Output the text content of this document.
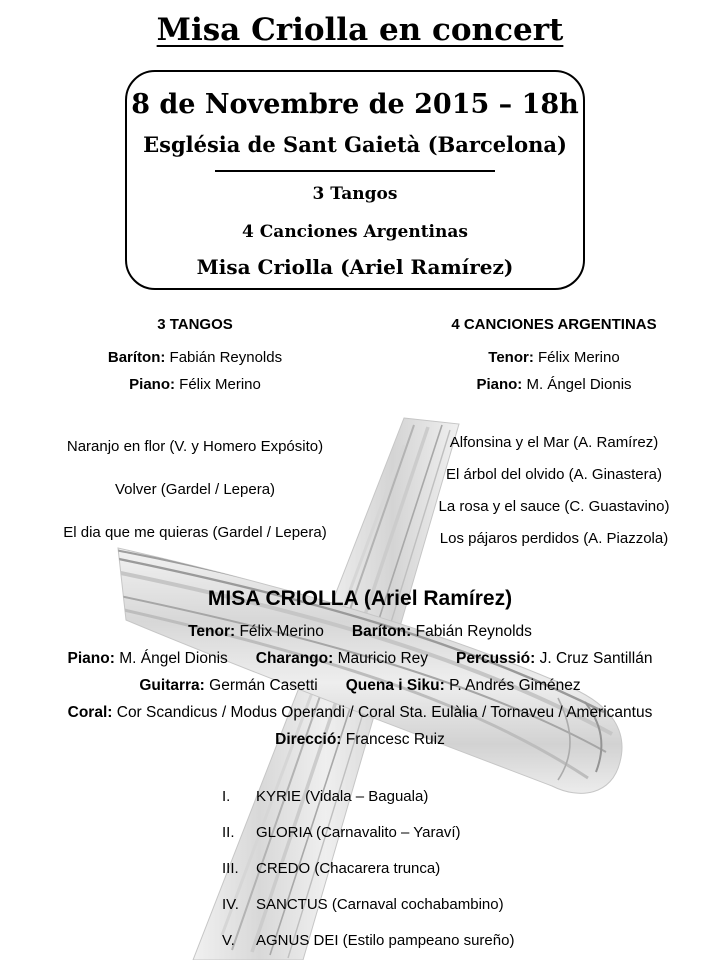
Misa Criolla en concert
8 de Novembre de 2015 – 18h
Església de Sant Gaietà (Barcelona)
3 Tangos
4 Canciones Argentinas
Misa Criolla (Ariel Ramírez)
3 TANGOS
Baríton: Fabián Reynolds
Piano: Félix Merino
Naranjo en flor (V. y Homero Expósito)
Volver (Gardel / Lepera)
El dia que me quieras (Gardel / Lepera)
4 CANCIONES ARGENTINAS
Tenor: Félix Merino
Piano: M. Ángel Dionis
Alfonsina y el Mar (A. Ramírez)
El árbol del olvido (A. Ginastera)
La rosa y el sauce (C. Guastavino)
Los pájaros perdidos (A. Piazzola)
MISA CRIOLLA (Ariel Ramírez)
Tenor: Félix Merino Baríton: Fabián Reynolds
Piano: M. Ángel Dionis Charango: Mauricio Rey Percussió: J. Cruz Santillán
Guitarra: Germán Casetti Quena i Siku: P. Andrés Giménez
Coral: Cor Scandicus / Modus Operandi / Coral Sta. Eulàlia / Tornaveu / Americantus
Direcció: Francesc Ruiz
I. KYRIE (Vidala – Baguala)
II. GLORIA (Carnavalito – Yaraví)
III. CREDO (Chacarera trunca)
IV. SANCTUS (Carnaval cochabambino)
V. AGNUS DEI (Estilo pampeano sureño)
